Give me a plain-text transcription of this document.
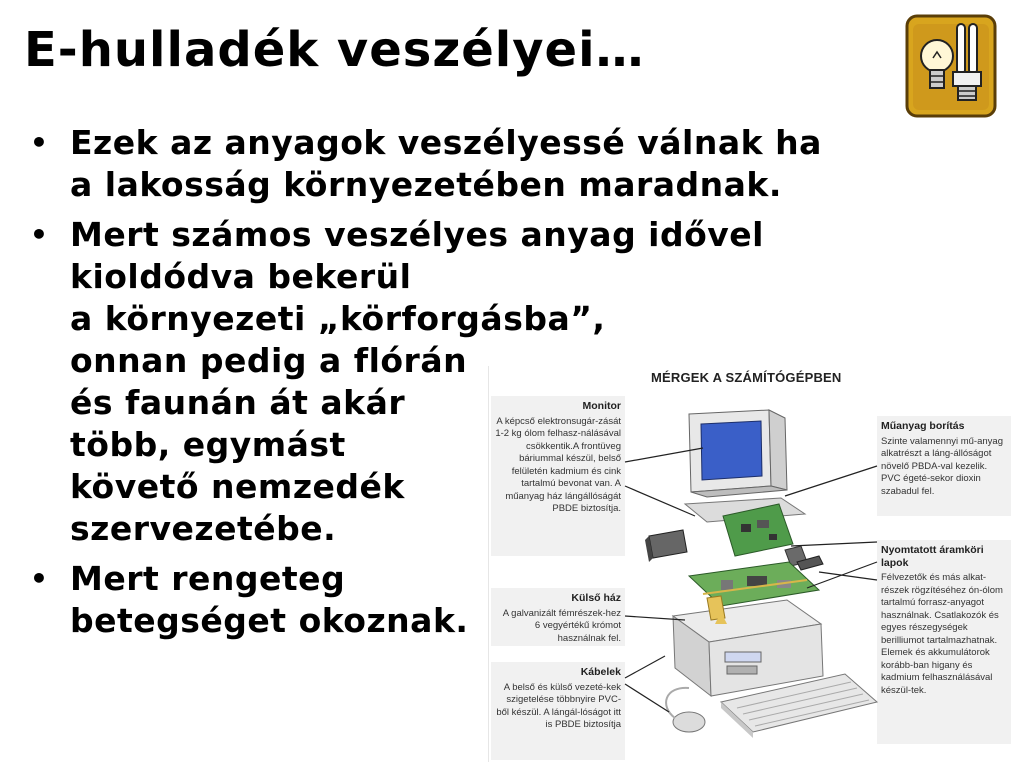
E-hulladék veszélyei…
• Ezek az anyagok veszélyessé válnak ha
a lakosság környezetében maradnak.
• Mert számos veszélyes anyag idővel
kioldódva bekerül
a környezeti „körforgásba”,
onnan pedig a flórán
és faunán át akár
több, egymást
követő nemzedék
szervezetébe.
• Mert rengeteg
betegséget okoznak.
MÉRGEK A SZÁMÍTÓGÉPBEN
Monitor
A képcső elektronsugár-zását 1-2 kg ólom felhasz-nálásával csökkentik.A frontüveg báriummal készül, belső felületén kadmium és cink tartalmú bevonat van. A műanyag ház lángállóságát PBDE biztosítja.
Külső ház
A galvanizált fémrészek-hez 6 vegyértékű krómot használnak fel.
Kábelek
A belső és külső vezeté-kek szigetelése többnyire PVC-ből készül. A lángál-lóságot itt is PBDE biztosítja
Műanyag borítás
Szinte valamennyi mű-anyag alkatrészt a láng-állóságot növelő PBDA-val kezelik. PVC égeté-sekor dioxin szabadul fel.
Nyomtatott áramköri lapok
Félvezetők és más alkat-részek rögzítéséhez ón-ólom tartalmú forrasz-anyagot használnak. Csatlakozók és egyes részegységek berilliumot tartalmazhatnak. Elemek és akkumulátorok korább-ban higany és kadmium felhasználásával készül-tek.
